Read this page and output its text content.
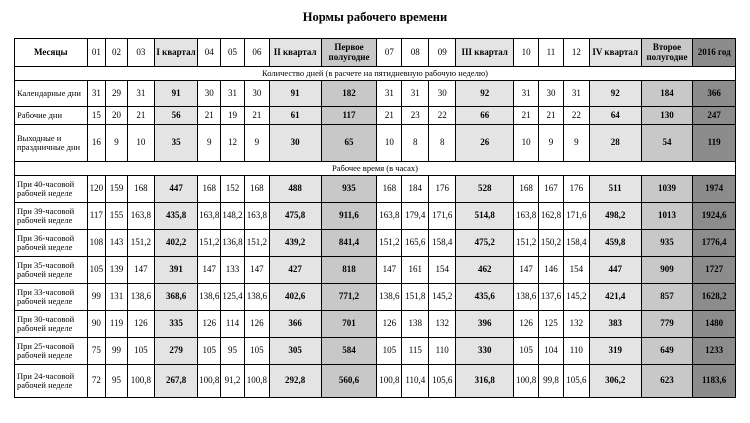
Нормы рабочего времени
Месяцы	01	02	03	I квартал	04	05	06	II квартал	Первое полугодие	07	08	09	III квартал	10	11	12	IV квартал	Второе полугодие	2016 год
Количество дней (в расчете на пятидневную рабочую неделю)																			
Календарные дни	31	29	31	91	30	31	30	91	182	31	31	30	92	31	30	31	92	184	366
Рабочие дни	15	20	21	56	21	19	21	61	117	21	23	22	66	21	21	22	64	130	247
Выходные и праздничные дни	16	9	10	35	9	12	9	30	65	10	8	8	26	10	9	9	28	54	119
Рабочее время (в часах)																			
При 40-часовой рабочей неделе	120	159	168	447	168	152	168	488	935	168	184	176	528	168	167	176	511	1039	1974
При 39-часовой рабочей неделе	117	155	163,8	435,8	163,8	148,2	163,8	475,8	911,6	163,8	179,4	171,6	514,8	163,8	162,8	171,6	498,2	1013	1924,6
При 36-часовой рабочей неделе	108	143	151,2	402,2	151,2	136,8	151,2	439,2	841,4	151,2	165,6	158,4	475,2	151,2	150,2	158,4	459,8	935	1776,4
При 35-часовой рабочей неделе	105	139	147	391	147	133	147	427	818	147	161	154	462	147	146	154	447	909	1727
При 33-часовой рабочей неделе	99	131	138,6	368,6	138,6	125,4	138,6	402,6	771,2	138,6	151,8	145,2	435,6	138,6	137,6	145,2	421,4	857	1628,2
При 30-часовой рабочей неделе	90	119	126	335	126	114	126	366	701	126	138	132	396	126	125	132	383	779	1480
При 25-часовой рабочей неделе	75	99	105	279	105	95	105	305	584	105	115	110	330	105	104	110	319	649	1233
При 24-часовой рабочей неделе	72	95	100,8	267,8	100,8	91,2	100,8	292,8	560,6	100,8	110,4	105,6	316,8	100,8	99,8	105,6	306,2	623	1183,6
